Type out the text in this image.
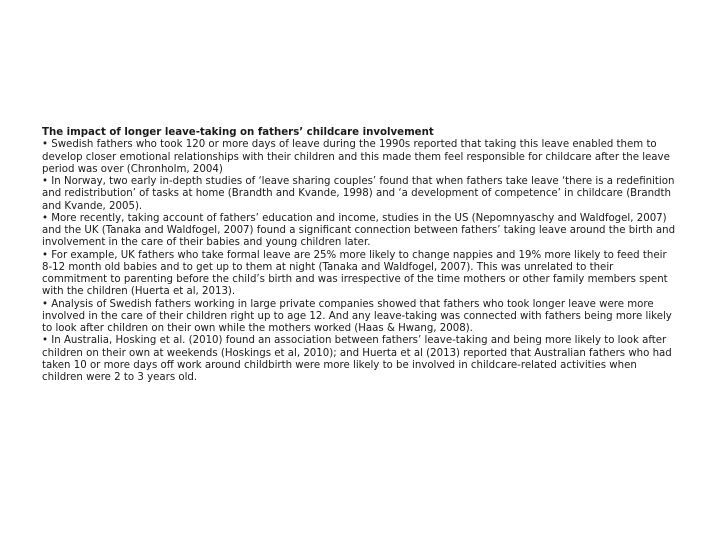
The impact of longer leave-taking on fathers’ childcare involvement

• Swedish fathers who took 120 or more days of leave during the 1990s reported that taking this leave enabled them to develop closer emotional relationships with their children and this made them feel responsible for childcare after the leave period was over (Chronholm, 2004)

• In Norway, two early in-depth studies of ‘leave sharing couples’ found that when fathers take leave ‘there is a redefinition and redistribution’ of tasks at home (Brandth and Kvande, 1998) and ‘a development of competence’ in childcare (Brandth and Kvande, 2005).

• More recently, taking account of fathers’ education and income, studies in the US (Nepomnyaschy and Waldfogel, 2007) and the UK (Tanaka and Waldfogel, 2007) found a significant connection between fathers’ taking leave around the birth and involvement in the care of their babies and young children later.

• For example, UK fathers who take formal leave are 25% more likely to change nappies and 19% more likely to feed their 8-12 month old babies and to get up to them at night (Tanaka and Waldfogel, 2007). This was unrelated to their commitment to parenting before the child’s birth and was irrespective of the time mothers or other family members spent with the children (Huerta et al, 2013).

• Analysis of Swedish fathers working in large private companies showed that fathers who took longer leave were more involved in the care of their children right up to age 12. And any leave-taking was connected with fathers being more likely to look after children on their own while the mothers worked (Haas & Hwang, 2008).

• In Australia, Hosking et al. (2010) found an association between fathers’ leave-taking and being more likely to look after children on their own at weekends (Hoskings et al, 2010); and Huerta et al (2013) reported that Australian fathers who had taken 10 or more days off work around childbirth were more likely to be involved in childcare-related activities when children were 2 to 3 years old.
